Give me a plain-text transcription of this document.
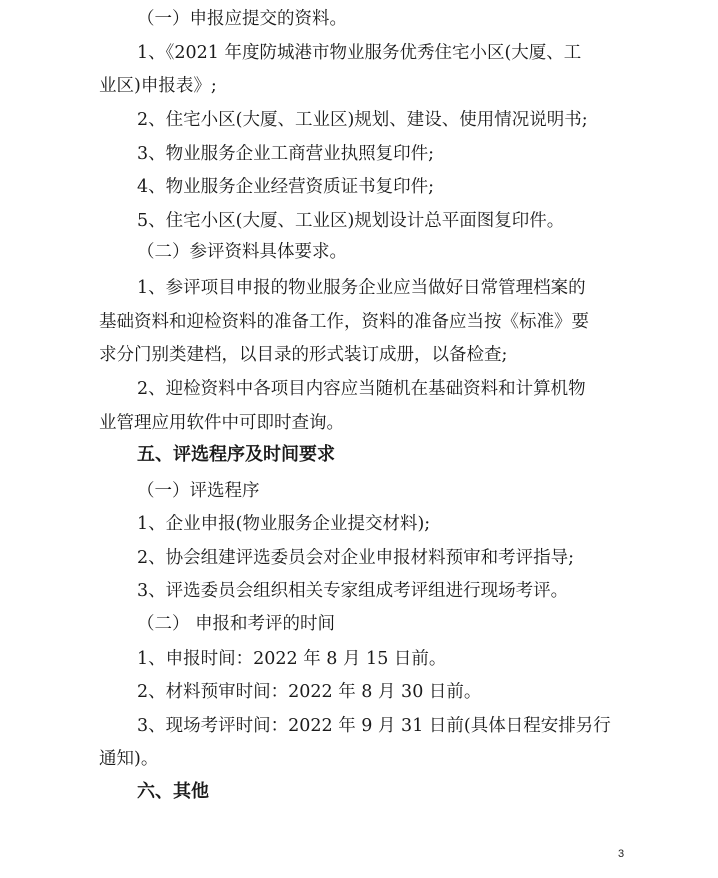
（一）申报应提交的资料。
1、《2021 年度防城港市物业服务优秀住宅小区(大厦、工
业区)申报表》;
2、住宅小区(大厦、工业区)规划、建设、使用情况说明书;
3、物业服务企业工商营业执照复印件;
4、物业服务企业经营资质证书复印件;
5、住宅小区(大厦、工业区)规划设计总平面图复印件。
（二）参评资料具体要求。
1、参评项目申报的物业服务企业应当做好日常管理档案的
基础资料和迎检资料的准备工作，资料的准备应当按《标准》要
求分门别类建档，以目录的形式装订成册，以备检查;
2、迎检资料中各项目内容应当随机在基础资料和计算机物
业管理应用软件中可即时查询。
五、评选程序及时间要求
（一）评选程序
1、企业申报(物业服务企业提交材料);
2、协会组建评选委员会对企业申报材料预审和考评指导;
3、评选委员会组织相关专家组成考评组进行现场考评。
（二） 申报和考评的时间
1、申报时间：2022 年 8 月 15 日前。
2、材料预审时间：2022 年 8 月 30 日前。
3、现场考评时间：2022 年 9 月 31 日前(具体日程安排另行
通知)。
六、其他
3
